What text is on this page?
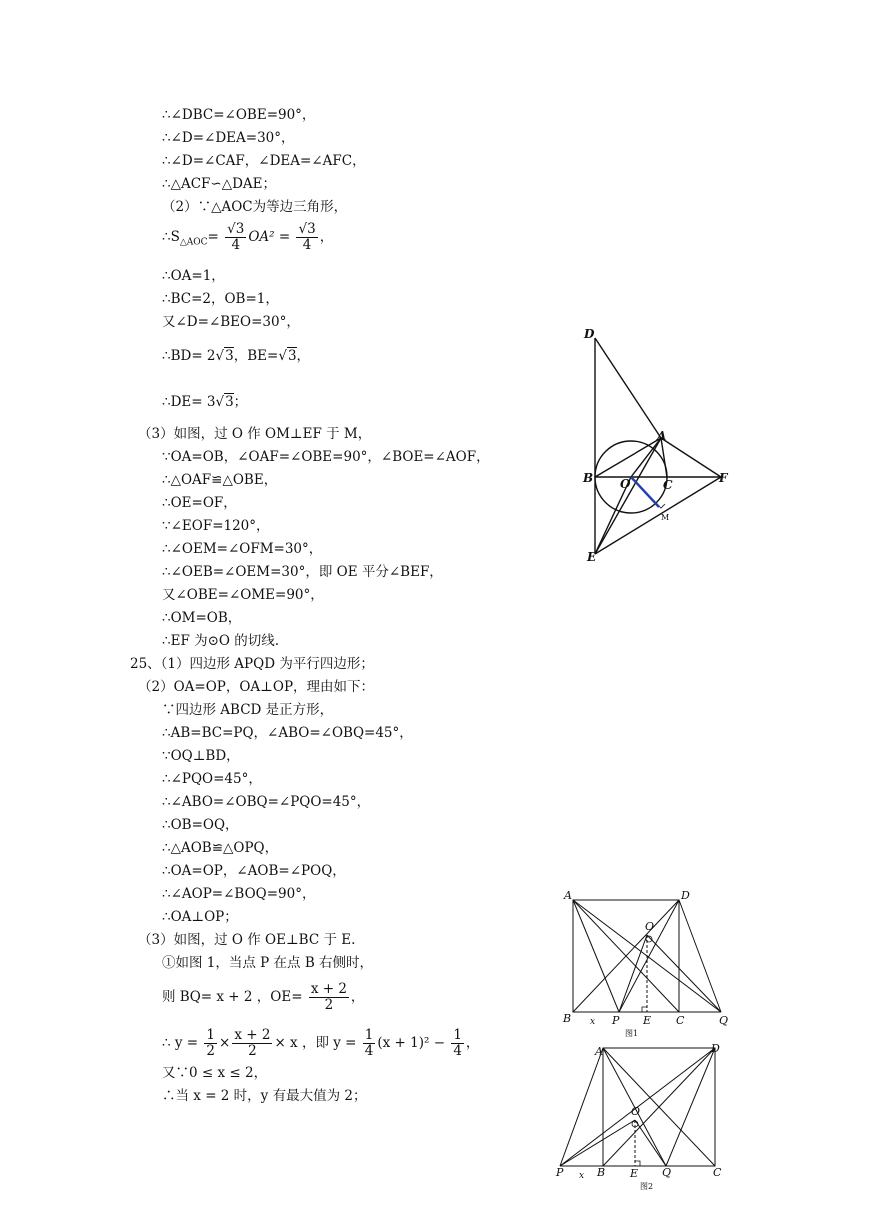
∴∠DBC=∠OBE=90°，
∴∠D=∠DEA=30°，
∴∠D=∠CAF，∠DEA=∠AFC，
∴△ACF∽△DAE；
（2）∵△AOC为等边三角形，
$\therefore S_{\triangle AOC}= \frac{√3}{4} OA^2 = \frac{√3}{4}$ ，
∴OA=1，
∴BC=2，OB=1，
又∠D=∠BEO=30°，
∴BD= 2√3，BE=√3，
∴DE= 3√3；
（3）如图，过 O 作 OM⊥EF 于 M，
∵OA=OB，∠OAF=∠OBE=90°，∠BOE=∠AOF，
∴△OAF≌△OBE，
∴OE=OF，
∵∠EOF=120°，
∴∠OEM=∠OFM=30°，
∴∠OEB=∠OEM=30°，即 OE 平分∠BEF，
又∠OBE=∠OME=90°，
∴OM=OB，
∴EF 为⊙O 的切线.
25、（1）四边形 APQD 为平行四边形；
（2）OA=OP，OA⊥OP，理由如下：
∵四边形 ABCD 是正方形，
∴AB=BC=PQ，∠ABO=∠OBQ=45°，
∵OQ⊥BD，
∴∠PQO=45°，
∴∠ABO=∠OBQ=∠PQO=45°，
∴OB=OQ，
∴△AOB≌△OPQ，
∴OA=OP，∠AOB=∠POQ，
∴∠AOP=∠BOQ=90°，
∴OA⊥OP；
（3）如图，过 O 作 OE⊥BC 于 E.
①如图 1，当点 P 在点 B 右侧时，
则 BQ= x + 2 ，$OE= \frac{x + 2}{2}$ ，
∴ $y = \frac{1}{2} \times \frac{x + 2}{2} \times x$ ，即 $y = \frac{1}{4} (x + 1)^2 - \frac{1}{4}$ ，
又∵0 ≤ x ≤ 2，
∴当 x = 2 时，y 有最大值为 2；
D
A
B O	C	F
E
M
A	D
O
B x P E C	Q
图1
A	D
O
P x B E Q	C
图2
